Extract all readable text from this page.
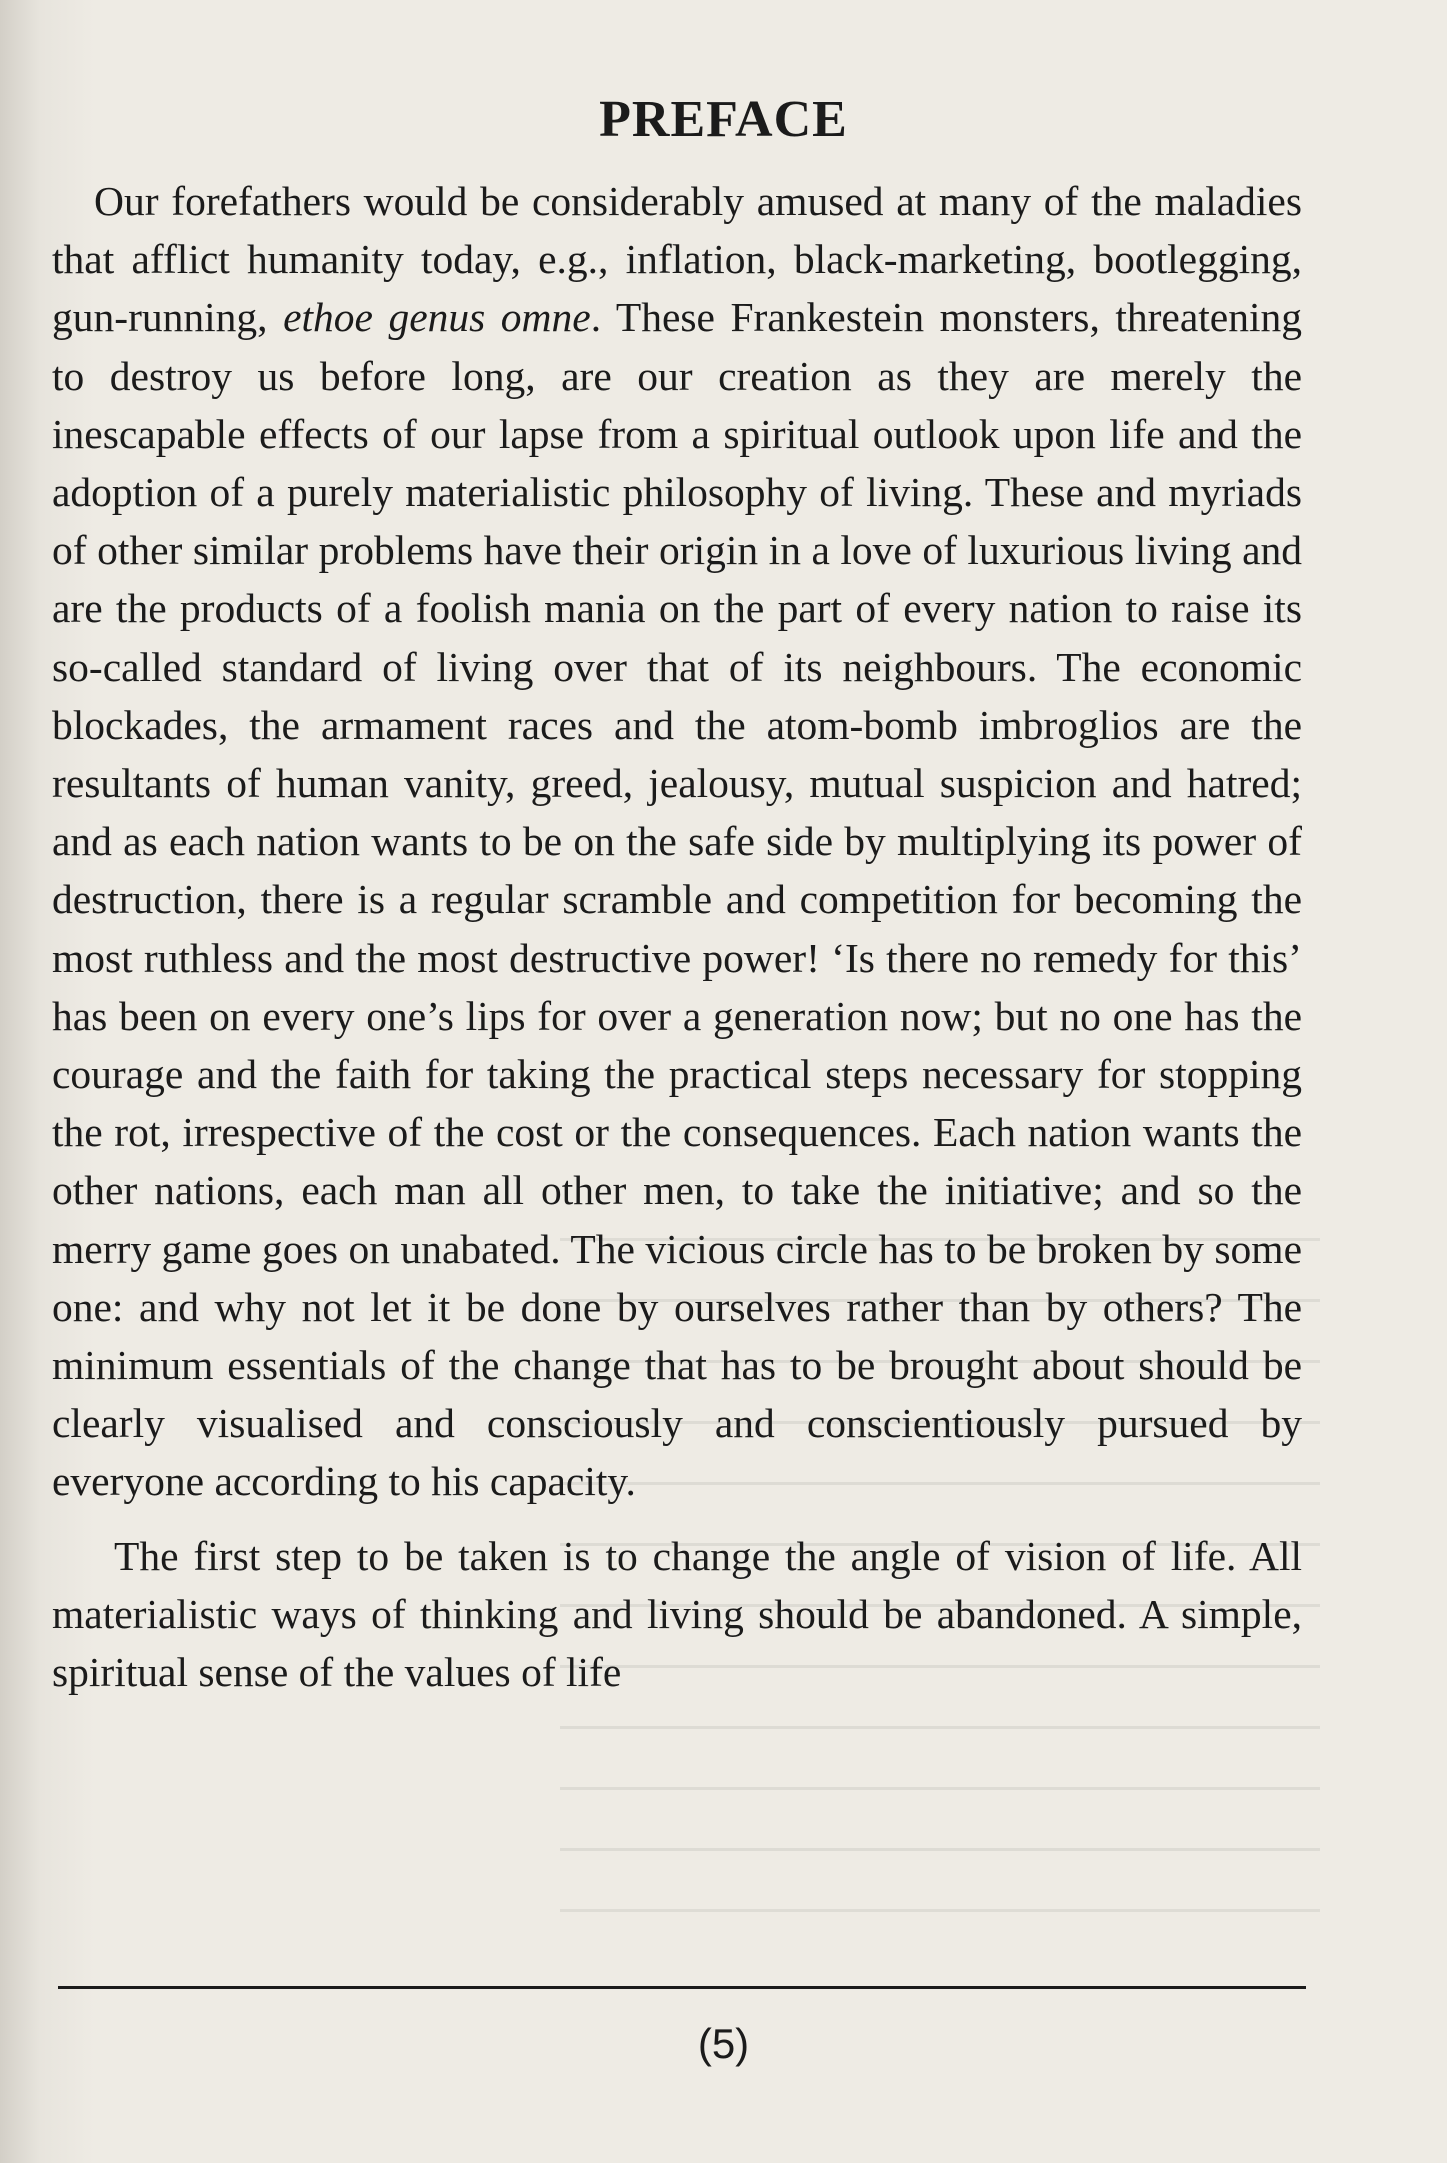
PREFACE

Our forefathers would be considerably amused at many of the maladies that afflict humanity today, e.g., inflation, black-marketing, bootlegging, gun-running, ethoe genus omne. These Frankestein monsters, threatening to destroy us before long, are our creation as they are merely the inescapable effects of our lapse from a spiritual outlook upon life and the adoption of a purely materialistic philosophy of living. These and myriads of other similar problems have their origin in a love of luxurious living and are the products of a foolish mania on the part of every nation to raise its so-called standard of living over that of its neighbours. The economic blockades, the armament races and the atom-bomb imbroglios are the resultants of human vanity, greed, jealousy, mutual suspicion and hatred; and as each nation wants to be on the safe side by multiplying its power of destruction, there is a regular scramble and competition for becoming the most ruthless and the most destructive power! ‘Is there no remedy for this’ has been on every one’s lips for over a generation now; but no one has the courage and the faith for taking the practical steps necessary for stopping the rot, irrespective of the cost or the consequences. Each nation wants the other nations, each man all other men, to take the initiative; and so the merry game goes on unabated. The vicious circle has to be broken by some one: and why not let it be done by ourselves rather than by others? The minimum essentials of the change that has to be brought about should be clearly visualised and consciously and conscientiously pursued by everyone according to his capacity.

The first step to be taken is to change the angle of vision of life. All materialistic ways of thinking and living should be abandoned. A simple, spiritual sense of the values of life

(5)
